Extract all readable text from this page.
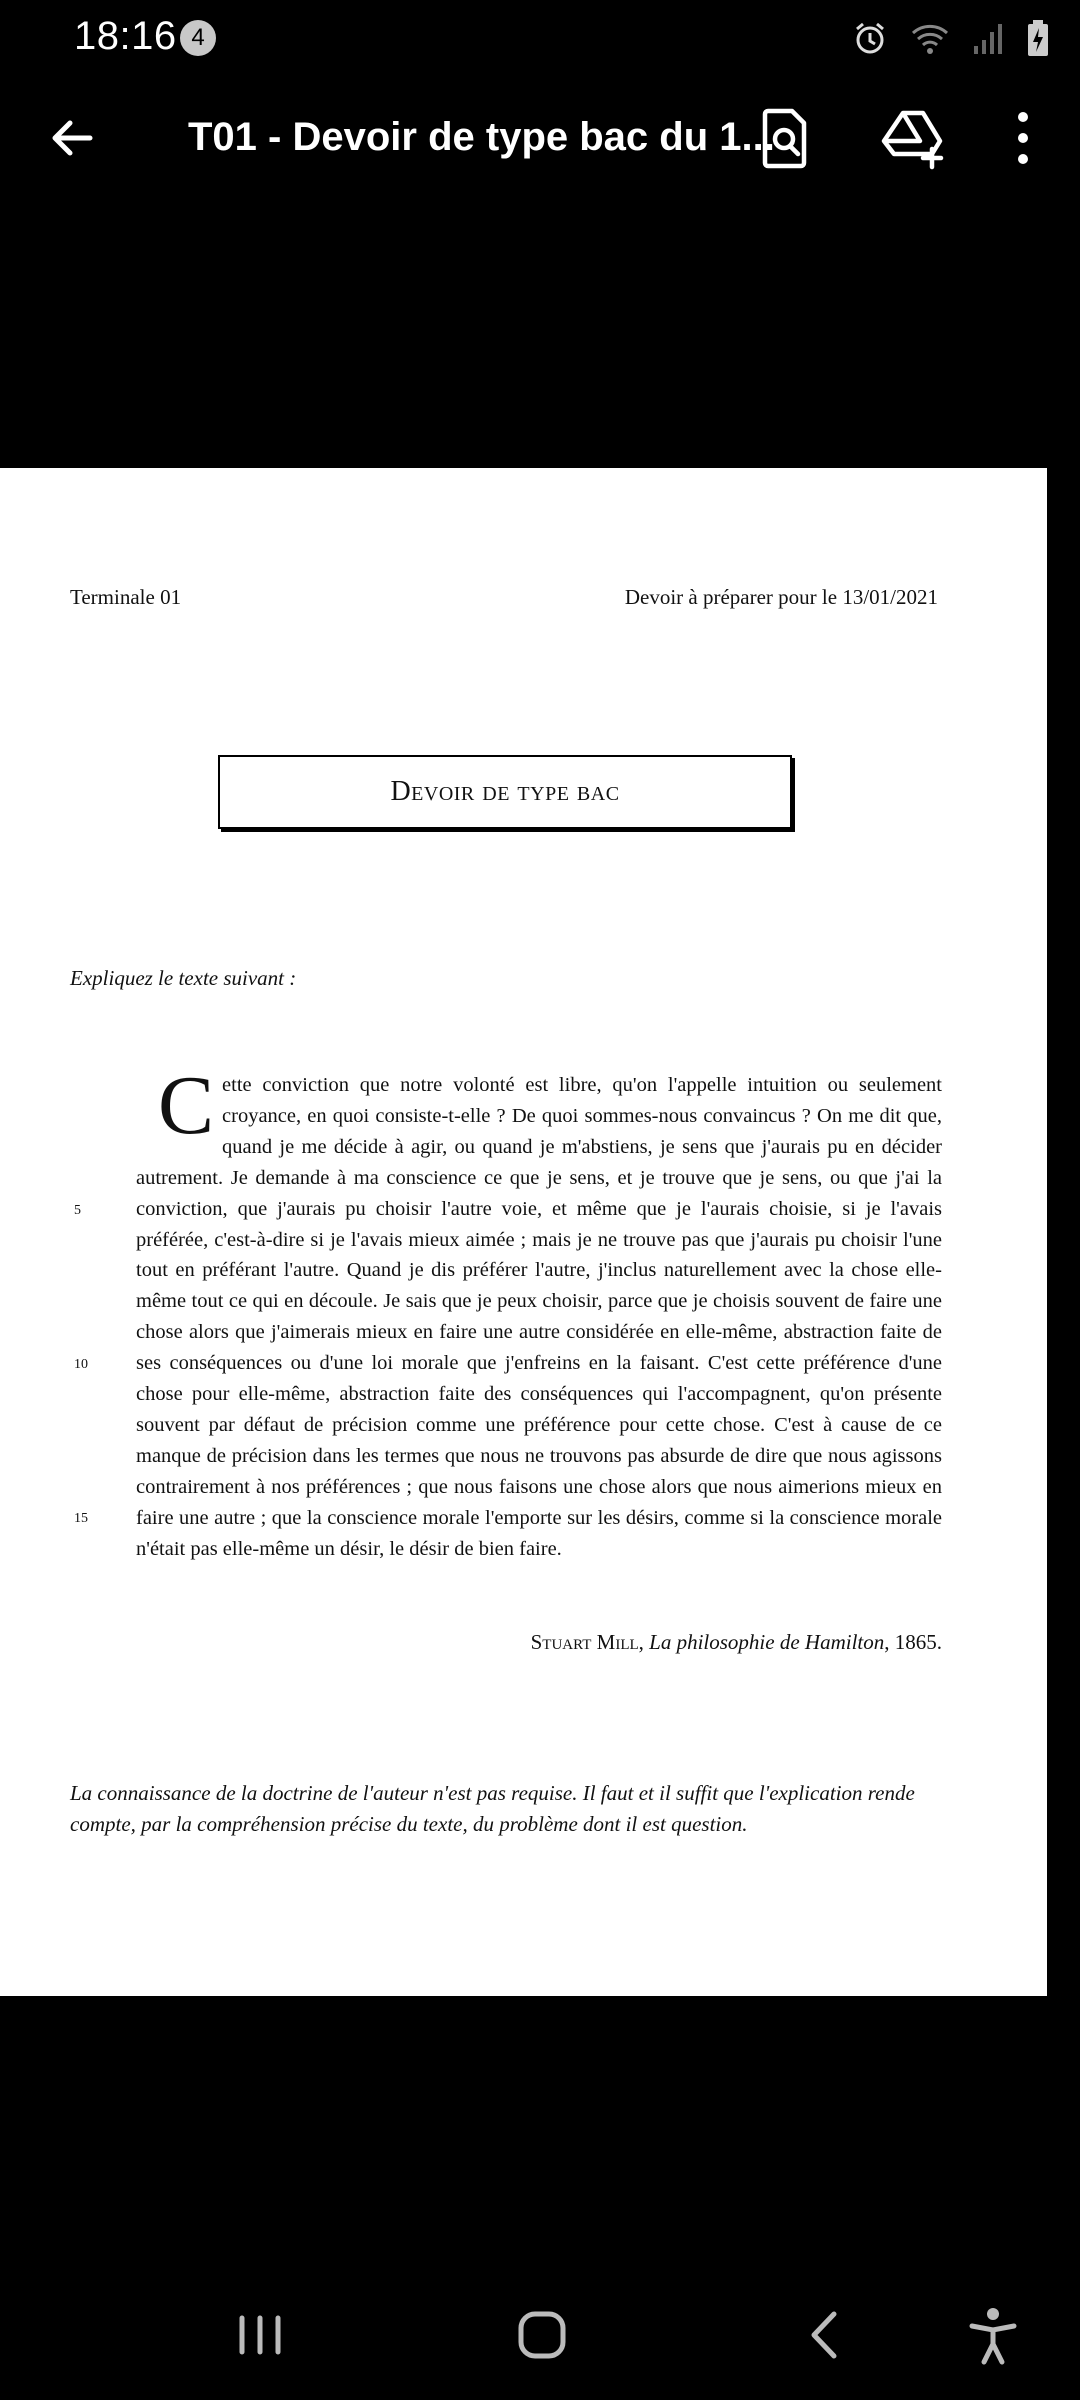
18:16 4
T01 - Devoir de type bac du 1...
Terminale 01	Devoir à préparer pour le 13/01/2021
Devoir de type bac
Expliquez le texte suivant :
5
10
15
Cette conviction que notre volonté est libre, qu'on l'appelle intuition ou seulement croyance, en quoi consiste-t-elle ? De quoi sommes-nous convaincus ? On me dit que, quand je me décide à agir, ou quand je m'abstiens, je sens que j'aurais pu en décider autrement. Je demande à ma conscience ce que je sens, et je trouve que je sens, ou que j'ai la conviction, que j'aurais pu choisir l'autre voie, et même que je l'aurais choisie, si je l'avais préférée, c'est-à-dire si je l'avais mieux aimée ; mais je ne trouve pas que j'aurais pu choisir l'une tout en préférant l'autre. Quand je dis préférer l'autre, j'inclus naturellement avec la chose elle-même tout ce qui en découle. Je sais que je peux choisir, parce que je choisis souvent de faire une chose alors que j'aimerais mieux en faire une autre considérée en elle-même, abstraction faite de ses conséquences ou d'une loi morale que j'enfreins en la faisant. C'est cette préférence d'une chose pour elle-même, abstraction faite des conséquences qui l'accompagnent, qu'on présente souvent par défaut de précision comme une préférence pour cette chose. C'est à cause de ce manque de précision dans les termes que nous ne trouvons pas absurde de dire que nous agissons contrairement à nos préférences ; que nous faisons une chose alors que nous aimerions mieux en faire une autre ; que la conscience morale l'emporte sur les désirs, comme si la conscience morale n'était pas elle-même un désir, le désir de bien faire.
Stuart Mill, La philosophie de Hamilton, 1865.
La connaissance de la doctrine de l'auteur n'est pas requise. Il faut et il suffit que l'explication rende compte, par la compréhension précise du texte, du problème dont il est question.
